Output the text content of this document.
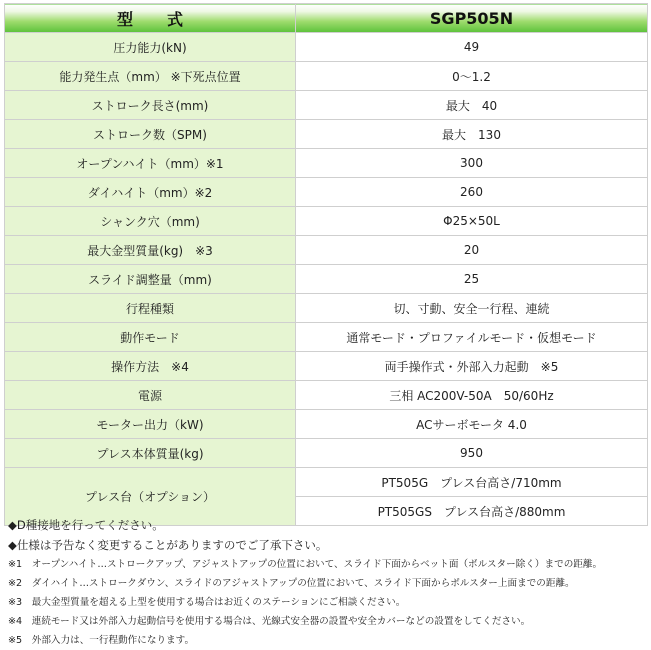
型式	SGP505N
圧力能力(kN)	49
能力発生点（mm） ※下死点位置	0～1.2
ストローク長さ(mm)	最大　40
ストローク数（SPM)	最大　130
オープンハイト（mm）※1	300
ダイハイト（mm）※2	260
シャンク穴（mm)	Φ25×50L
最大金型質量(kg)　※3	20
スライド調整量（mm)	25
行程種類	切、寸動、安全一行程、連続
動作モード	通常モード・プロファイルモード・仮想モード
操作方法　※4	両手操作式・外部入力起動　※5
電源	三相 AC200V-50A　50/60Hz
モーター出力（kW)	ACサーボモータ 4.0
プレス本体質量(kg)	950
プレス台（オプション）	PT505G　プレス台高さ/710mm
	PT505GS　プレス台高さ/880mm
◆D種接地を行ってください。
◆仕様は予告なく変更することがありますのでご了承下さい。
※1　オープンハイト…ストロークアップ、アジャストアップの位置において、スライド下面からベット面（ボルスター除く）までの距離。
※2　ダイハイト…ストロークダウン、スライドのアジャストアップの位置において、スライド下面からボルスター上面までの距離。
※3　最大金型質量を超える上型を使用する場合はお近くのステーションにご相談ください。
※4　連続モード又は外部入力起動信号を使用する場合は、光線式安全器の設置や安全カバーなどの設置をしてください。
※5　外部入力は、一行程動作になります。
